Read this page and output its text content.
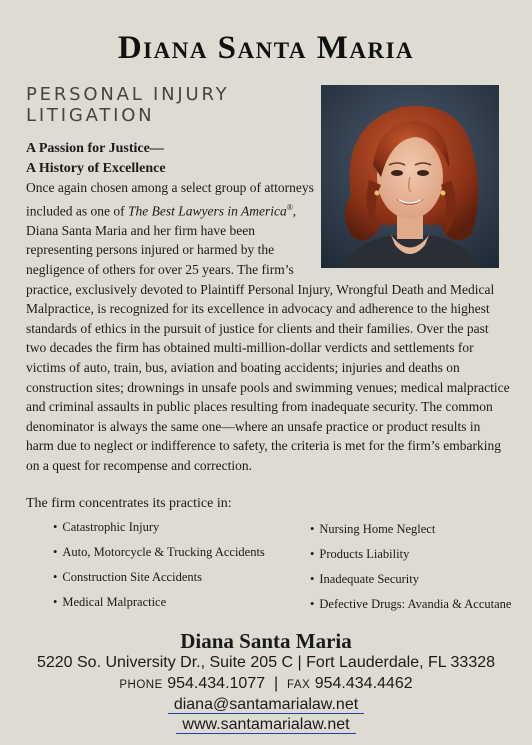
Diana Santa Maria
PERSONAL INJURY LITIGATION
A Passion for Justice—
A History of Excellence
Once again chosen among a select group of attorneys included as one of The Best Lawyers in America®, Diana Santa Maria and her firm have been representing persons injured or harmed by the negligence of others for over 25 years. The firm’s practice, exclusively devoted to Plaintiff Personal Injury, Wrongful Death and Medical Malpractice, is recognized for its excellence in advocacy and adherence to the highest standards of ethics in the pursuit of justice for clients and their families. Over the past two decades the firm has obtained multi-million-dollar verdicts and settlements for victims of auto, train, bus, aviation and boating accidents; injuries and deaths on construction sites; drownings in unsafe pools and swimming venues; medical malpractice and criminal assaults in public places resulting from inadequate security. The common denominator is always the same one—where an unsafe practice or product results in harm due to neglect or indifference to safety, the criteria is met for the firm’s embarking on a quest for recompense and correction.
The firm concentrates its practice in:
• Catastrophic Injury
• Auto, Motorcycle & Trucking Accidents
• Construction Site Accidents
• Medical Malpractice
• Nursing Home Neglect
• Products Liability
• Inadequate Security
• Defective Drugs: Avandia & Accutane
Diana Santa Maria
5220 So. University Dr., Suite 205 C | Fort Lauderdale, FL 33328
PHONE 954.434.1077 | FAX 954.434.4462
diana@santamarialaw.net
www.santamarialaw.net
